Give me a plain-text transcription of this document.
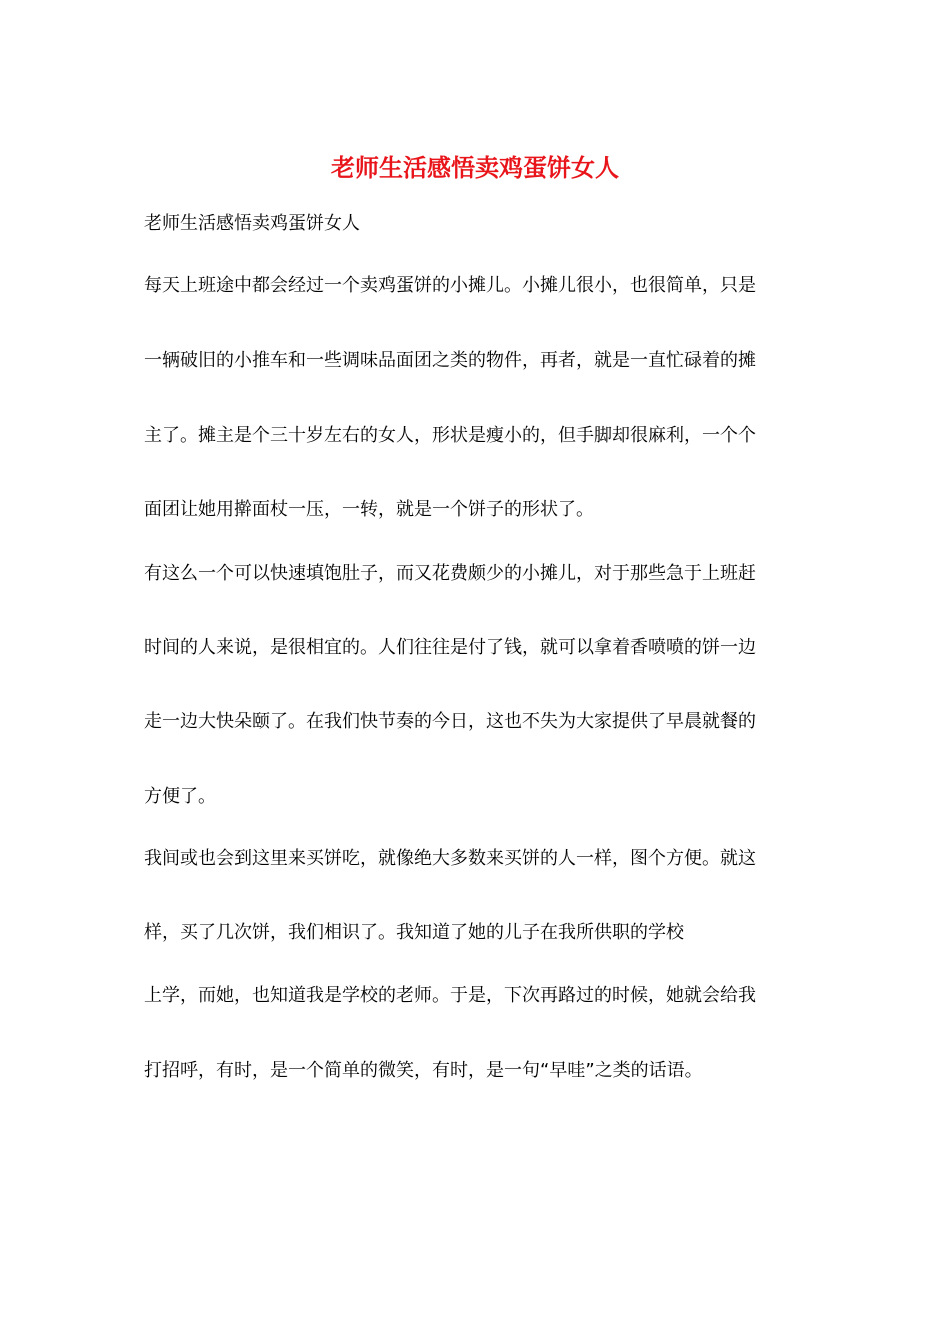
老师生活感悟卖鸡蛋饼女人
老师生活感悟卖鸡蛋饼女人
每天上班途中都会经过一个卖鸡蛋饼的小摊儿。小摊儿很小，也很简单，只是
一辆破旧的小推车和一些调味品面团之类的物件，再者，就是一直忙碌着的摊
主了。摊主是个三十岁左右的女人，形状是瘦小的，但手脚却很麻利，一个个
面团让她用擀面杖一压，一转，就是一个饼子的形状了。
有这么一个可以快速填饱肚子，而又花费颇少的小摊儿，对于那些急于上班赶
时间的人来说，是很相宜的。人们往往是付了钱，就可以拿着香喷喷的饼一边
走一边大快朵颐了。在我们快节奏的今日，这也不失为大家提供了早晨就餐的
方便了。
我间或也会到这里来买饼吃，就像绝大多数来买饼的人一样，图个方便。就这
样，买了几次饼，我们相识了。我知道了她的儿子在我所供职的学校
上学，而她，也知道我是学校的老师。于是，下次再路过的时候，她就会给我
打招呼，有时，是一个简单的微笑，有时，是一句“早哇”之类的话语。
